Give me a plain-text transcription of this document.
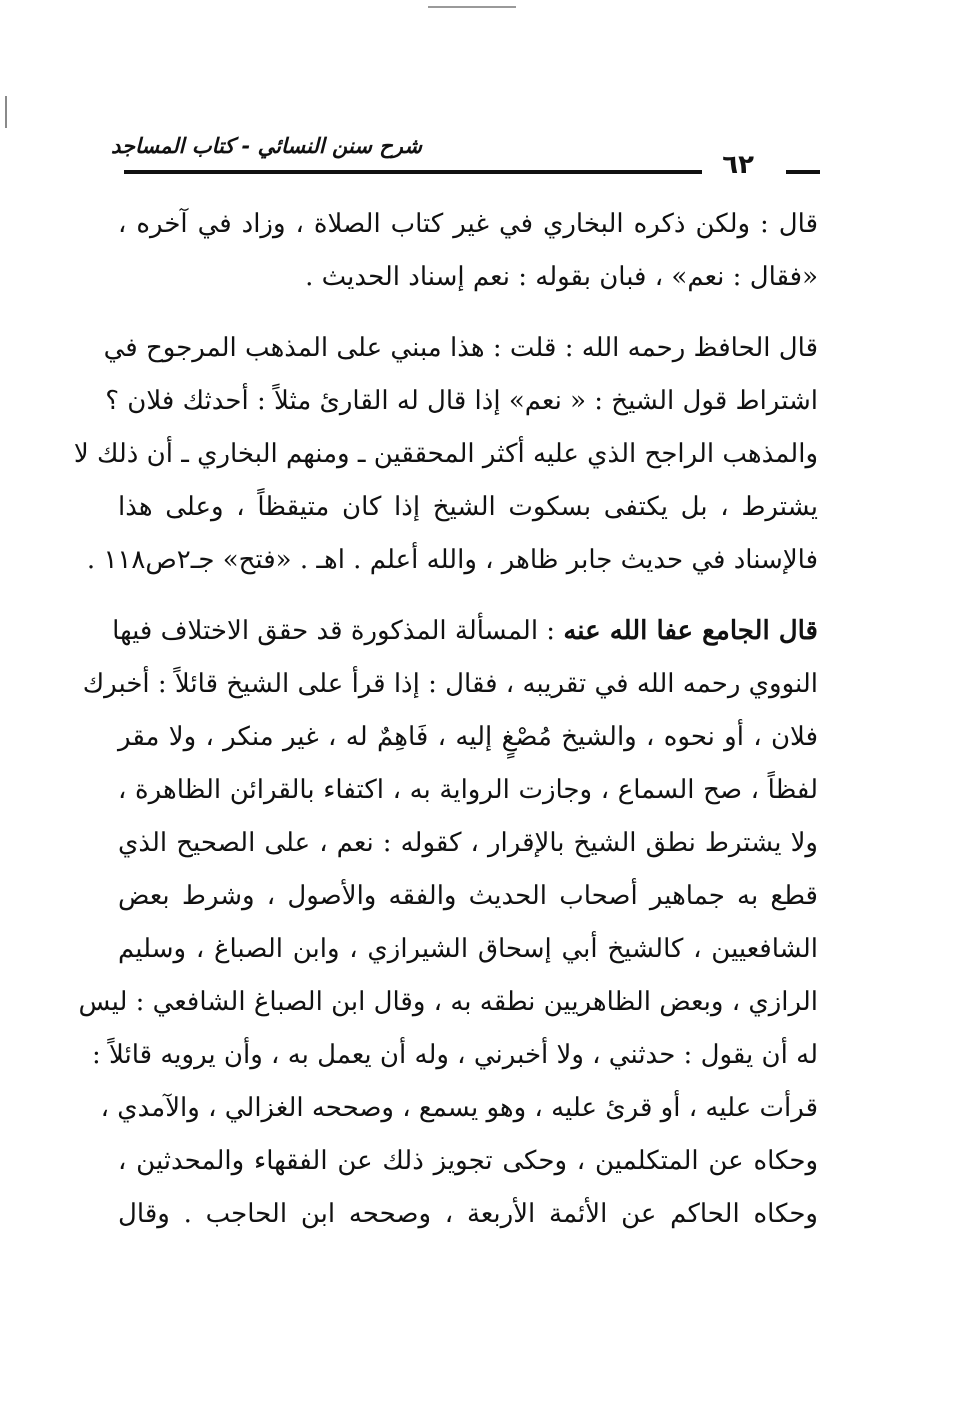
شرح سنن النسائي - كتاب المساجد
٦٢
قال : ولكن ذكره البخاري في غير كتاب الصلاة ، وزاد في آخره ،
«فقال : نعم» ، فبان بقوله : نعم إسناد الحديث .
قال الحافظ رحمه الله : قلت : هذا مبني على المذهب المرجوح في
اشتراط قول الشيخ : « نعم» إذا قال له القارئ مثلاً : أحدثك فلان ؟
والمذهب الراجح الذي عليه أكثر المحققين ـ ومنهم البخاري ـ أن ذلك لا
يشترط ، بل يكتفى بسكوت الشيخ إذا كان متيقظاً ، وعلى هذا
فالإسناد في حديث جابر ظاهر ، والله أعلم . اهـ . «فتح» جـ٢ص١١٨ .
قال الجامع عفا الله عنه : المسألة المذكورة قد حقق الاختلاف فيها
النووي رحمه الله في تقريبه ، فقال : إذا قرأ على الشيخ قائلاً : أخبرك
فلان ، أو نحوه ، والشيخ مُصْغٍ إليه ، فَاهِمٌ له ، غير منكر ، ولا مقر
لفظاً ، صح السماع ، وجازت الرواية به ، اكتفاء بالقرائن الظاهرة ،
ولا يشترط نطق الشيخ بالإقرار ، كقوله : نعم ، على الصحيح الذي
قطع به جماهير أصحاب الحديث والفقه والأصول ، وشرط بعض
الشافعيين ، كالشيخ أبي إسحاق الشيرازي ، وابن الصباغ ، وسليم
الرازي ، وبعض الظاهريين نطقه به ، وقال ابن الصباغ الشافعي : ليس
له أن يقول : حدثني ، ولا أخبرني ، وله أن يعمل به ، وأن يرويه قائلاً :
قرأت عليه ، أو قرئ عليه ، وهو يسمع ، وصححه الغزالي ، والآمدي ،
وحكاه عن المتكلمين ، وحكى تجويز ذلك عن الفقهاء والمحدثين ،
وحكاه الحاكم عن الأئمة الأربعة ، وصححه ابن الحاجب . وقال
